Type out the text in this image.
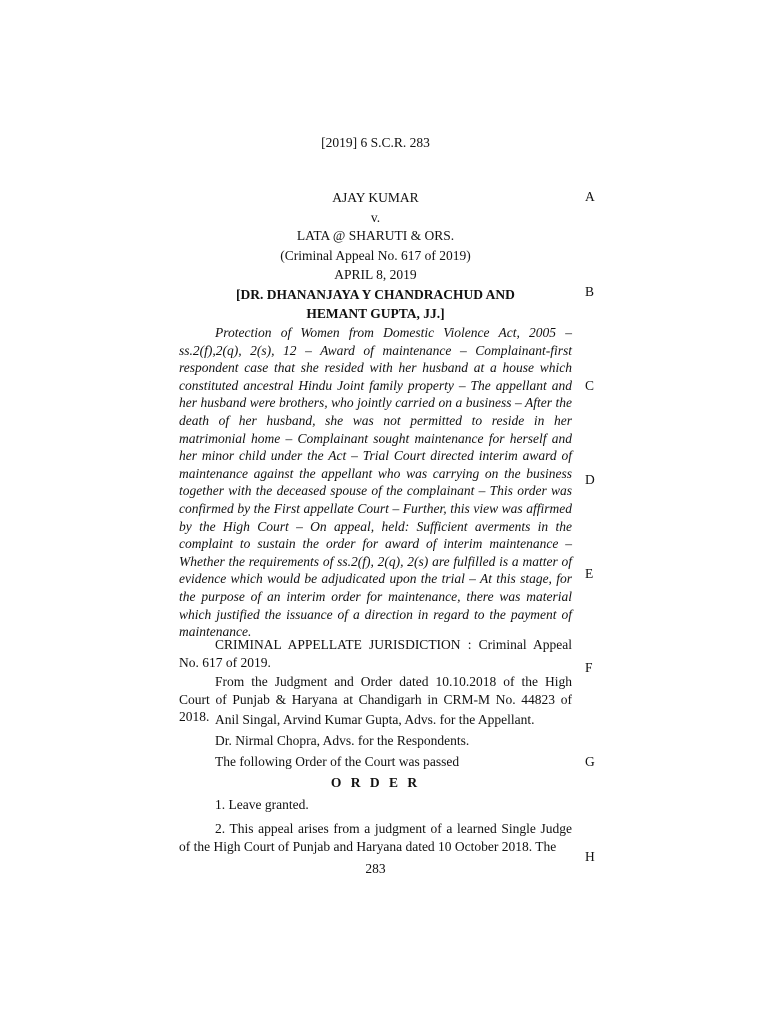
[2019] 6 S.C.R. 283
AJAY KUMAR
v.
LATA @ SHARUTI & ORS.
(Criminal Appeal No. 617 of 2019)
APRIL 8, 2019
[DR. DHANANJAYA Y CHANDRACHUD AND
HEMANT GUPTA, JJ.]

Protection of Women from Domestic Violence Act, 2005 – ss.2(f),2(q), 2(s), 12 – Award of maintenance – Complainant-first respondent case that she resided with her husband at a house which constituted ancestral Hindu Joint family property – The appellant and her husband were brothers, who jointly carried on a business – After the death of her husband, she was not permitted to reside in her matrimonial home – Complainant sought maintenance for herself and her minor child under the Act – Trial Court directed interim award of maintenance against the appellant who was carrying on the business together with the deceased spouse of the complainant – This order was confirmed by the First appellate Court – Further, this view was affirmed by the High Court – On appeal, held: Sufficient averments in the complaint to sustain the order for award of interim maintenance – Whether the requirements of ss.2(f), 2(q), 2(s) are fulfilled is a matter of evidence which would be adjudicated upon the trial – At this stage, for the purpose of an interim order for maintenance, there was material which justified the issuance of a direction in regard to the payment of maintenance.

CRIMINAL APPELLATE JURISDICTION : Criminal Appeal No. 617 of 2019.

From the Judgment and Order dated 10.10.2018 of the High Court of Punjab & Haryana at Chandigarh in CRM-M No. 44823 of 2018. Anil Singal, Arvind Kumar Gupta, Advs. for the Appellant.

Dr. Nirmal Chopra, Advs. for the Respondents.

The following Order of the Court was passed

O R D E R

1. Leave granted.

2. This appeal arises from a judgment of a learned Single Judge of the High Court of Punjab and Haryana dated 10 October 2018. The

283
A
B
C
D
E
F
G
H
